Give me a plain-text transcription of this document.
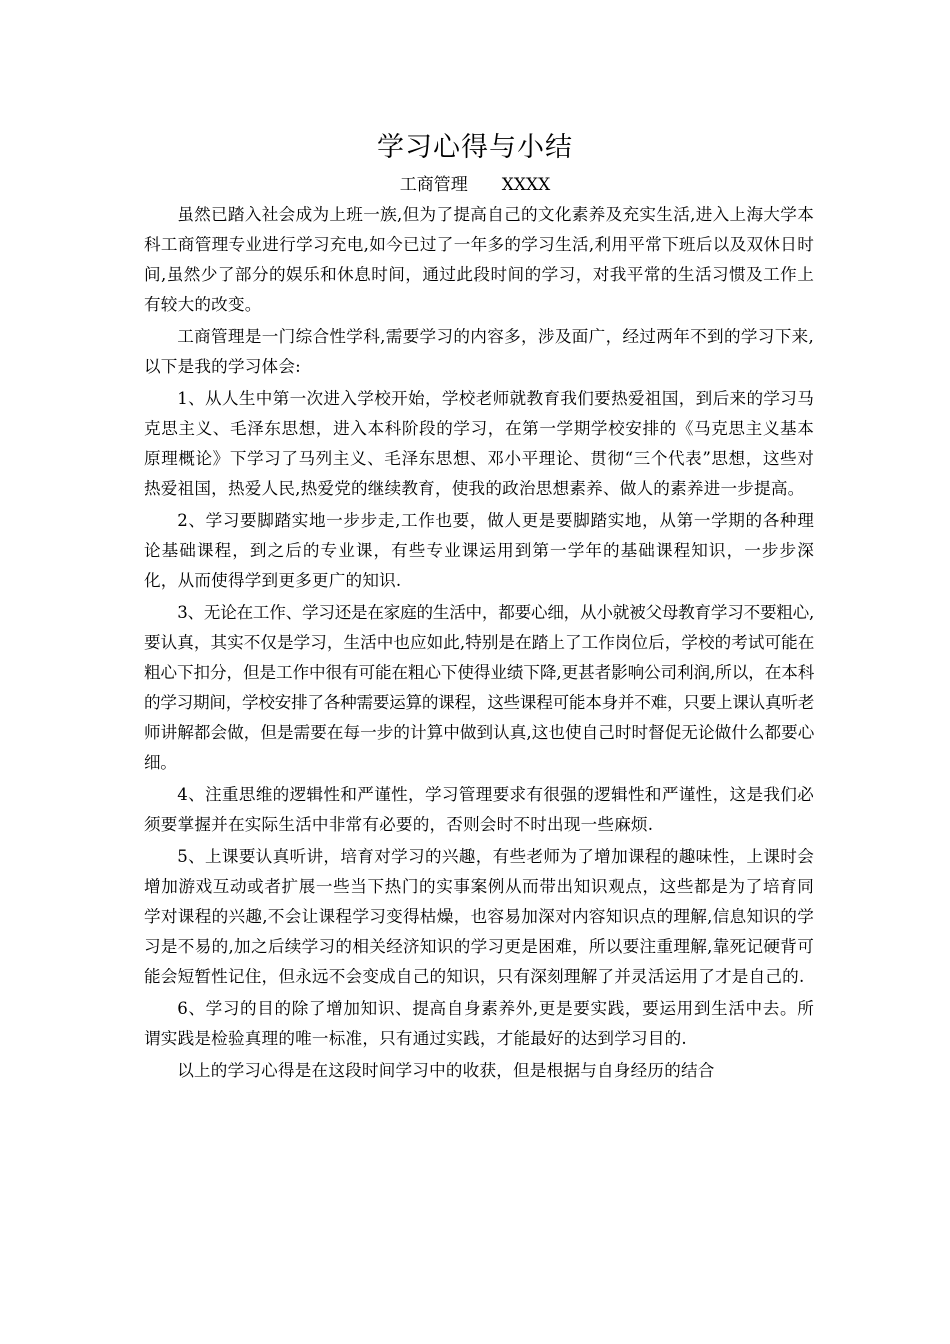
学习心得与小结
工商管理 XXXX

虽然已踏入社会成为上班一族,但为了提高自己的文化素养及充实生活,进入上海大学本科工商管理专业进行学习充电,如今已过了一年多的学习生活,利用平常下班后以及双休日时间,虽然少了部分的娱乐和休息时间，通过此段时间的学习，对我平常的生活习惯及工作上有较大的改变。

工商管理是一门综合性学科,需要学习的内容多，涉及面广，经过两年不到的学习下来,以下是我的学习体会:

1、从人生中第一次进入学校开始，学校老师就教育我们要热爱祖国，到后来的学习马克思主义、毛泽东思想，进入本科阶段的学习，在第一学期学校安排的《马克思主义基本原理概论》下学习了马列主义、毛泽东思想、邓小平理论、贯彻“三个代表”思想，这些对热爱祖国，热爱人民,热爱党的继续教育，使我的政治思想素养、做人的素养进一步提高。

2、学习要脚踏实地一步步走,工作也要，做人更是要脚踏实地，从第一学期的各种理论基础课程，到之后的专业课，有些专业课运用到第一学年的基础课程知识，一步步深化，从而使得学到更多更广的知识.

3、无论在工作、学习还是在家庭的生活中，都要心细，从小就被父母教育学习不要粗心,要认真，其实不仅是学习，生活中也应如此,特别是在踏上了工作岗位后，学校的考试可能在粗心下扣分，但是工作中很有可能在粗心下使得业绩下降,更甚者影响公司利润,所以，在本科的学习期间，学校安排了各种需要运算的课程，这些课程可能本身并不难，只要上课认真听老师讲解都会做，但是需要在每一步的计算中做到认真,这也使自己时时督促无论做什么都要心细。

4、注重思维的逻辑性和严谨性，学习管理要求有很强的逻辑性和严谨性，这是我们必须要掌握并在实际生活中非常有必要的，否则会时不时出现一些麻烦.

5、上课要认真听讲，培育对学习的兴趣，有些老师为了增加课程的趣味性，上课时会增加游戏互动或者扩展一些当下热门的实事案例从而带出知识观点，这些都是为了培育同学对课程的兴趣,不会让课程学习变得枯燥，也容易加深对内容知识点的理解,信息知识的学习是不易的,加之后续学习的相关经济知识的学习更是困难，所以要注重理解,靠死记硬背可能会短暂性记住，但永远不会变成自己的知识，只有深刻理解了并灵活运用了才是自己的.

6、学习的目的除了增加知识、提高自身素养外,更是要实践，要运用到生活中去。所谓实践是检验真理的唯一标准，只有通过实践，才能最好的达到学习目的.

以上的学习心得是在这段时间学习中的收获，但是根据与自身经历的结合
